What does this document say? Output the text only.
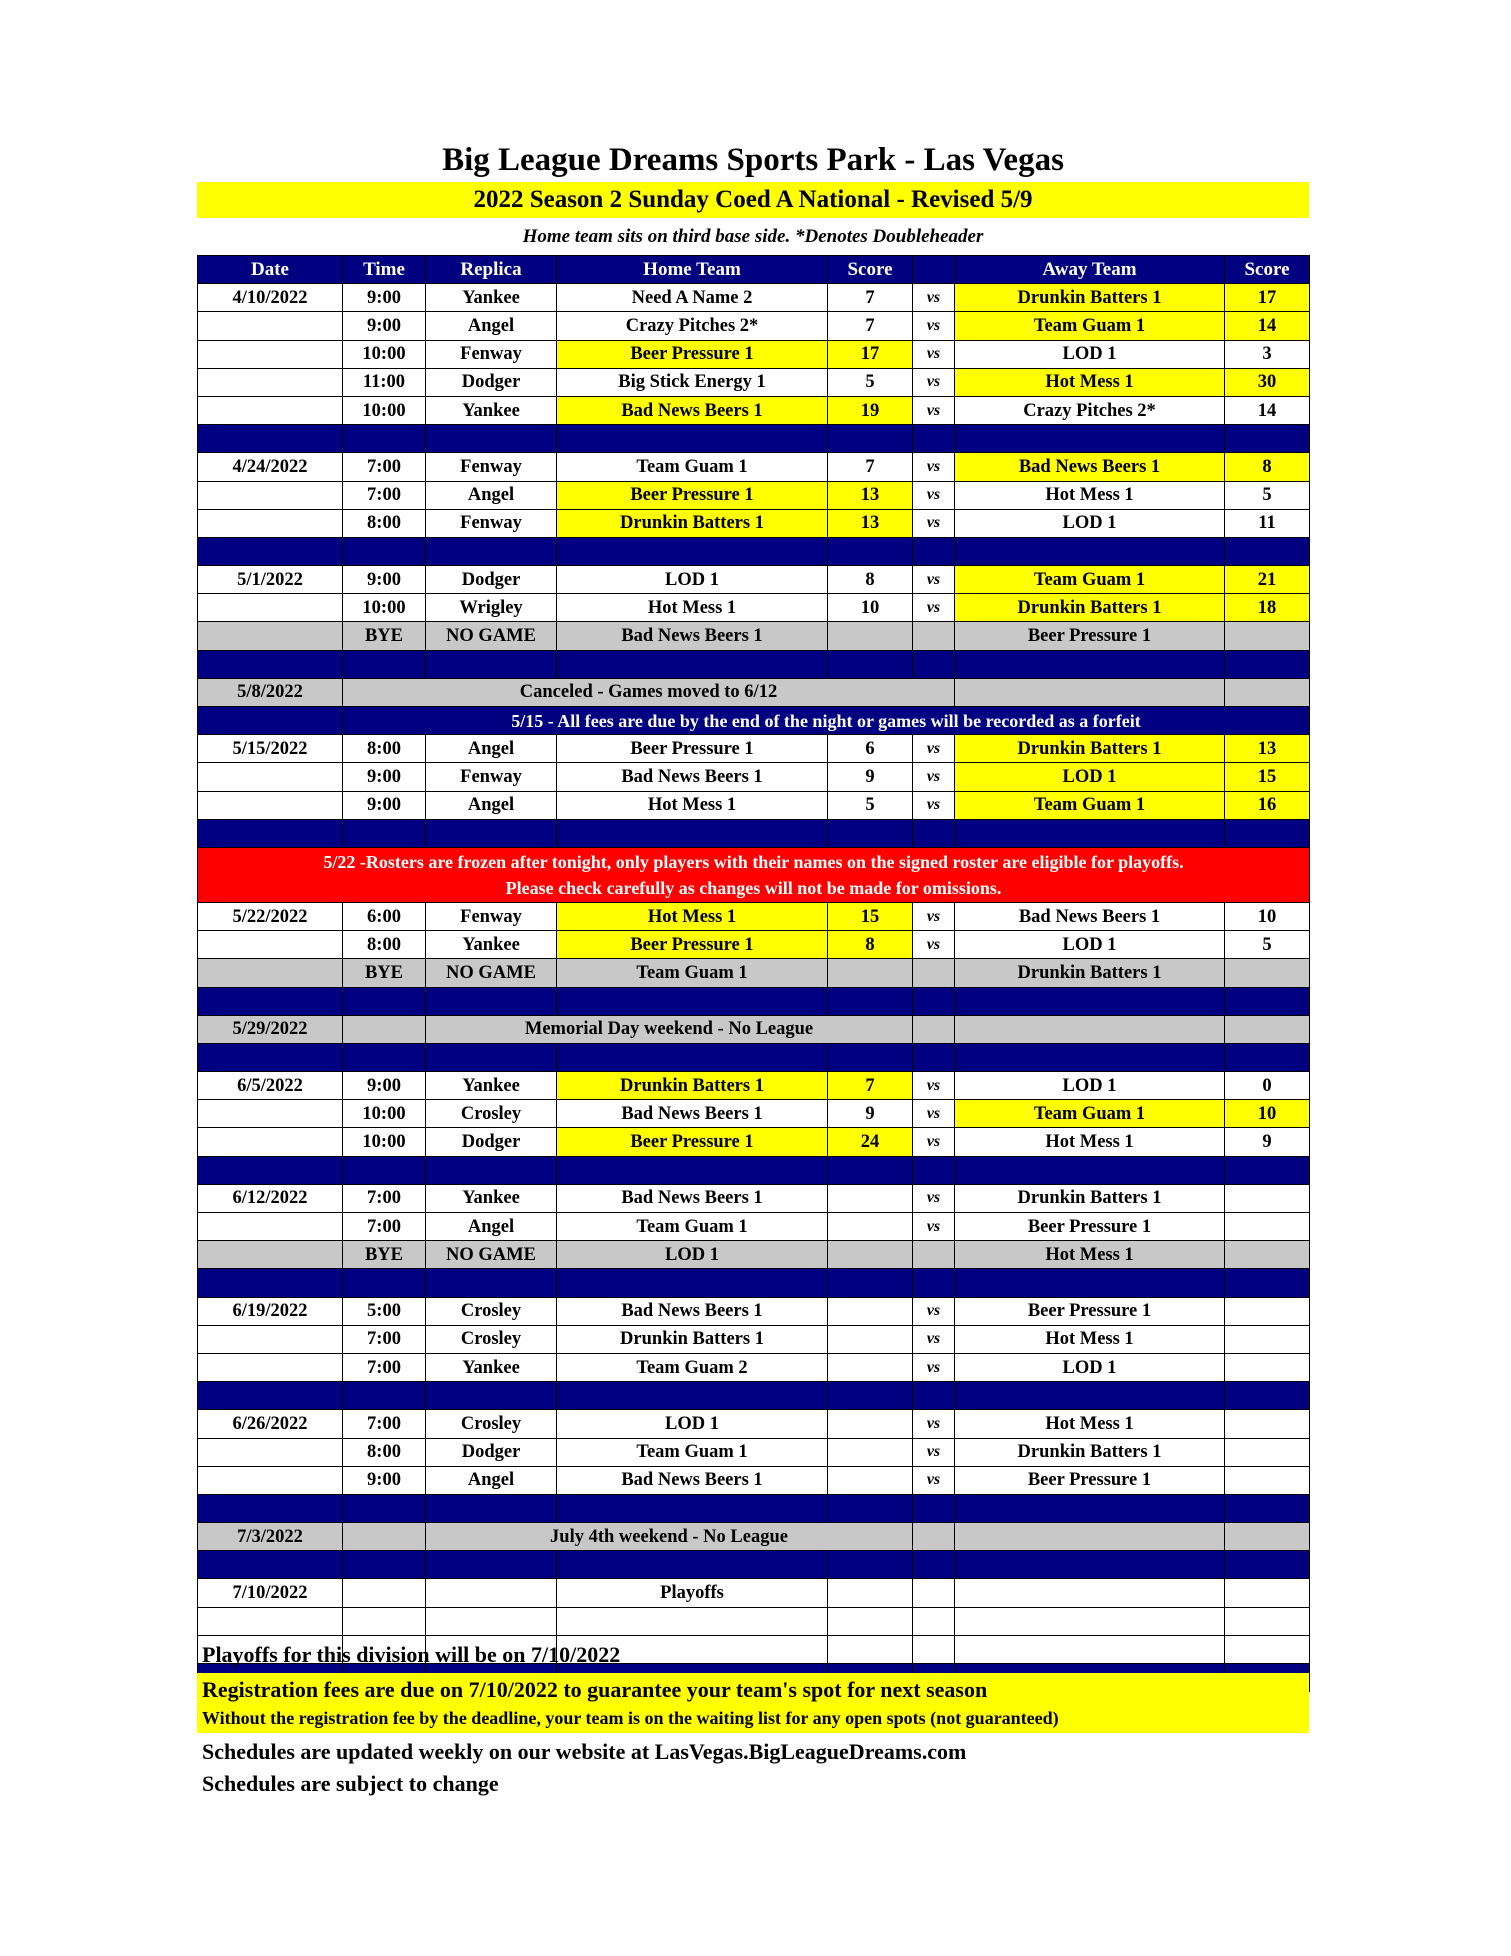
Big League Dreams Sports Park - Las Vegas
2022 Season 2 Sunday Coed A National - Revised 5/9
Home team sits on third base side. *Denotes Doubleheader
Date	Time	Replica	Home Team	Score		Away Team	Score
4/10/2022	9:00	Yankee	Need A Name 2	7	vs	Drunkin Batters 1	17
	9:00	Angel	Crazy Pitches 2*	7	vs	Team Guam 1	14
	10:00	Fenway	Beer Pressure 1	17	vs	LOD 1	3
	11:00	Dodger	Big Stick Energy 1	5	vs	Hot Mess 1	30
	10:00	Yankee	Bad News Beers 1	19	vs	Crazy Pitches 2*	14

4/24/2022	7:00	Fenway	Team Guam 1	7	vs	Bad News Beers 1	8
	7:00	Angel	Beer Pressure 1	13	vs	Hot Mess 1	5
	8:00	Fenway	Drunkin Batters 1	13	vs	LOD 1	11

5/1/2022	9:00	Dodger	LOD 1	8	vs	Team Guam 1	21
	10:00	Wrigley	Hot Mess 1	10	vs	Drunkin Batters 1	18
	BYE	NO GAME	Bad News Beers 1			Beer Pressure 1	

5/8/2022	Canceled - Games moved to 6/12						
	5/15 - All fees are due by the end of the night or games will be recorded as a forfeit						
5/15/2022	8:00	Angel	Beer Pressure 1	6	vs	Drunkin Batters 1	13
	9:00	Fenway	Bad News Beers 1	9	vs	LOD 1	15
	9:00	Angel	Hot Mess 1	5	vs	Team Guam 1	16

5/22 -Rosters are frozen after tonight, only players with their names on the signed roster are eligible for playoffs.
Please check carefully as changes will not be made for omissions.							

5/22/2022	6:00	Fenway	Hot Mess 1	15	vs	Bad News Beers 1	10
	8:00	Yankee	Beer Pressure 1	8	vs	LOD 1	5
	BYE	NO GAME	Team Guam 1			Drunkin Batters 1	

5/29/2022		Memorial Day weekend - No League					

6/5/2022	9:00	Yankee	Drunkin Batters 1	7	vs	LOD 1	0
	10:00	Crosley	Bad News Beers 1	9	vs	Team Guam 1	10
	10:00	Dodger	Beer Pressure 1	24	vs	Hot Mess 1	9

6/12/2022	7:00	Yankee	Bad News Beers 1		vs	Drunkin Batters 1	
	7:00	Angel	Team Guam 1		vs	Beer Pressure 1	
	BYE	NO GAME	LOD 1			Hot Mess 1	

6/19/2022	5:00	Crosley	Bad News Beers 1		vs	Beer Pressure 1	
	7:00	Crosley	Drunkin Batters 1		vs	Hot Mess 1	
	7:00	Yankee	Team Guam 2		vs	LOD 1	

6/26/2022	7:00	Crosley	LOD 1		vs	Hot Mess 1	
	8:00	Dodger	Team Guam 1		vs	Drunkin Batters 1	
	9:00	Angel	Bad News Beers 1		vs	Beer Pressure 1	

7/3/2022		July 4th weekend - No League					

7/10/2022			Playoffs				

Playoffs for this division will be on 7/10/2022
Registration fees are due on 7/10/2022 to guarantee your team's spot for next season
Without the registration fee by the deadline, your team is on the waiting list for any open spots (not guaranteed)
Schedules are updated weekly on our website at LasVegas.BigLeagueDreams.com
Schedules are subject to change
